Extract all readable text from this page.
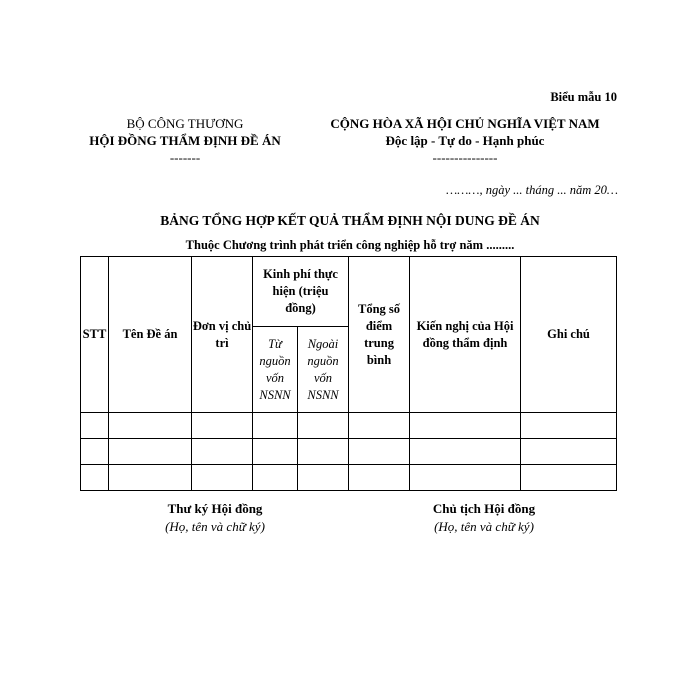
Biểu mẫu 10
BỘ CÔNG THƯƠNG
HỘI ĐỒNG THẨM ĐỊNH ĐỀ ÁN
-------
CỘNG HÒA XÃ HỘI CHỦ NGHĨA VIỆT NAM
Độc lập - Tự do - Hạnh phúc
---------------
………, ngày ... tháng ... năm 20…
BẢNG TỔNG HỢP KẾT QUẢ THẨM ĐỊNH NỘI DUNG ĐỀ ÁN
Thuộc Chương trình phát triển công nghiệp hỗ trợ năm .........
STT	Tên Đề án	Đơn vị chủ trì	Kinh phí thực hiện (triệu đồng)		Tổng số điểm trung bình	Kiến nghị của Hội đồng thẩm định	Ghi chú
			Từ nguồn vốn NSNN	Ngoài nguồn vốn NSNN			

Thư ký Hội đồng
(Họ, tên và chữ ký)
Chủ tịch Hội đồng
(Họ, tên và chữ ký)
